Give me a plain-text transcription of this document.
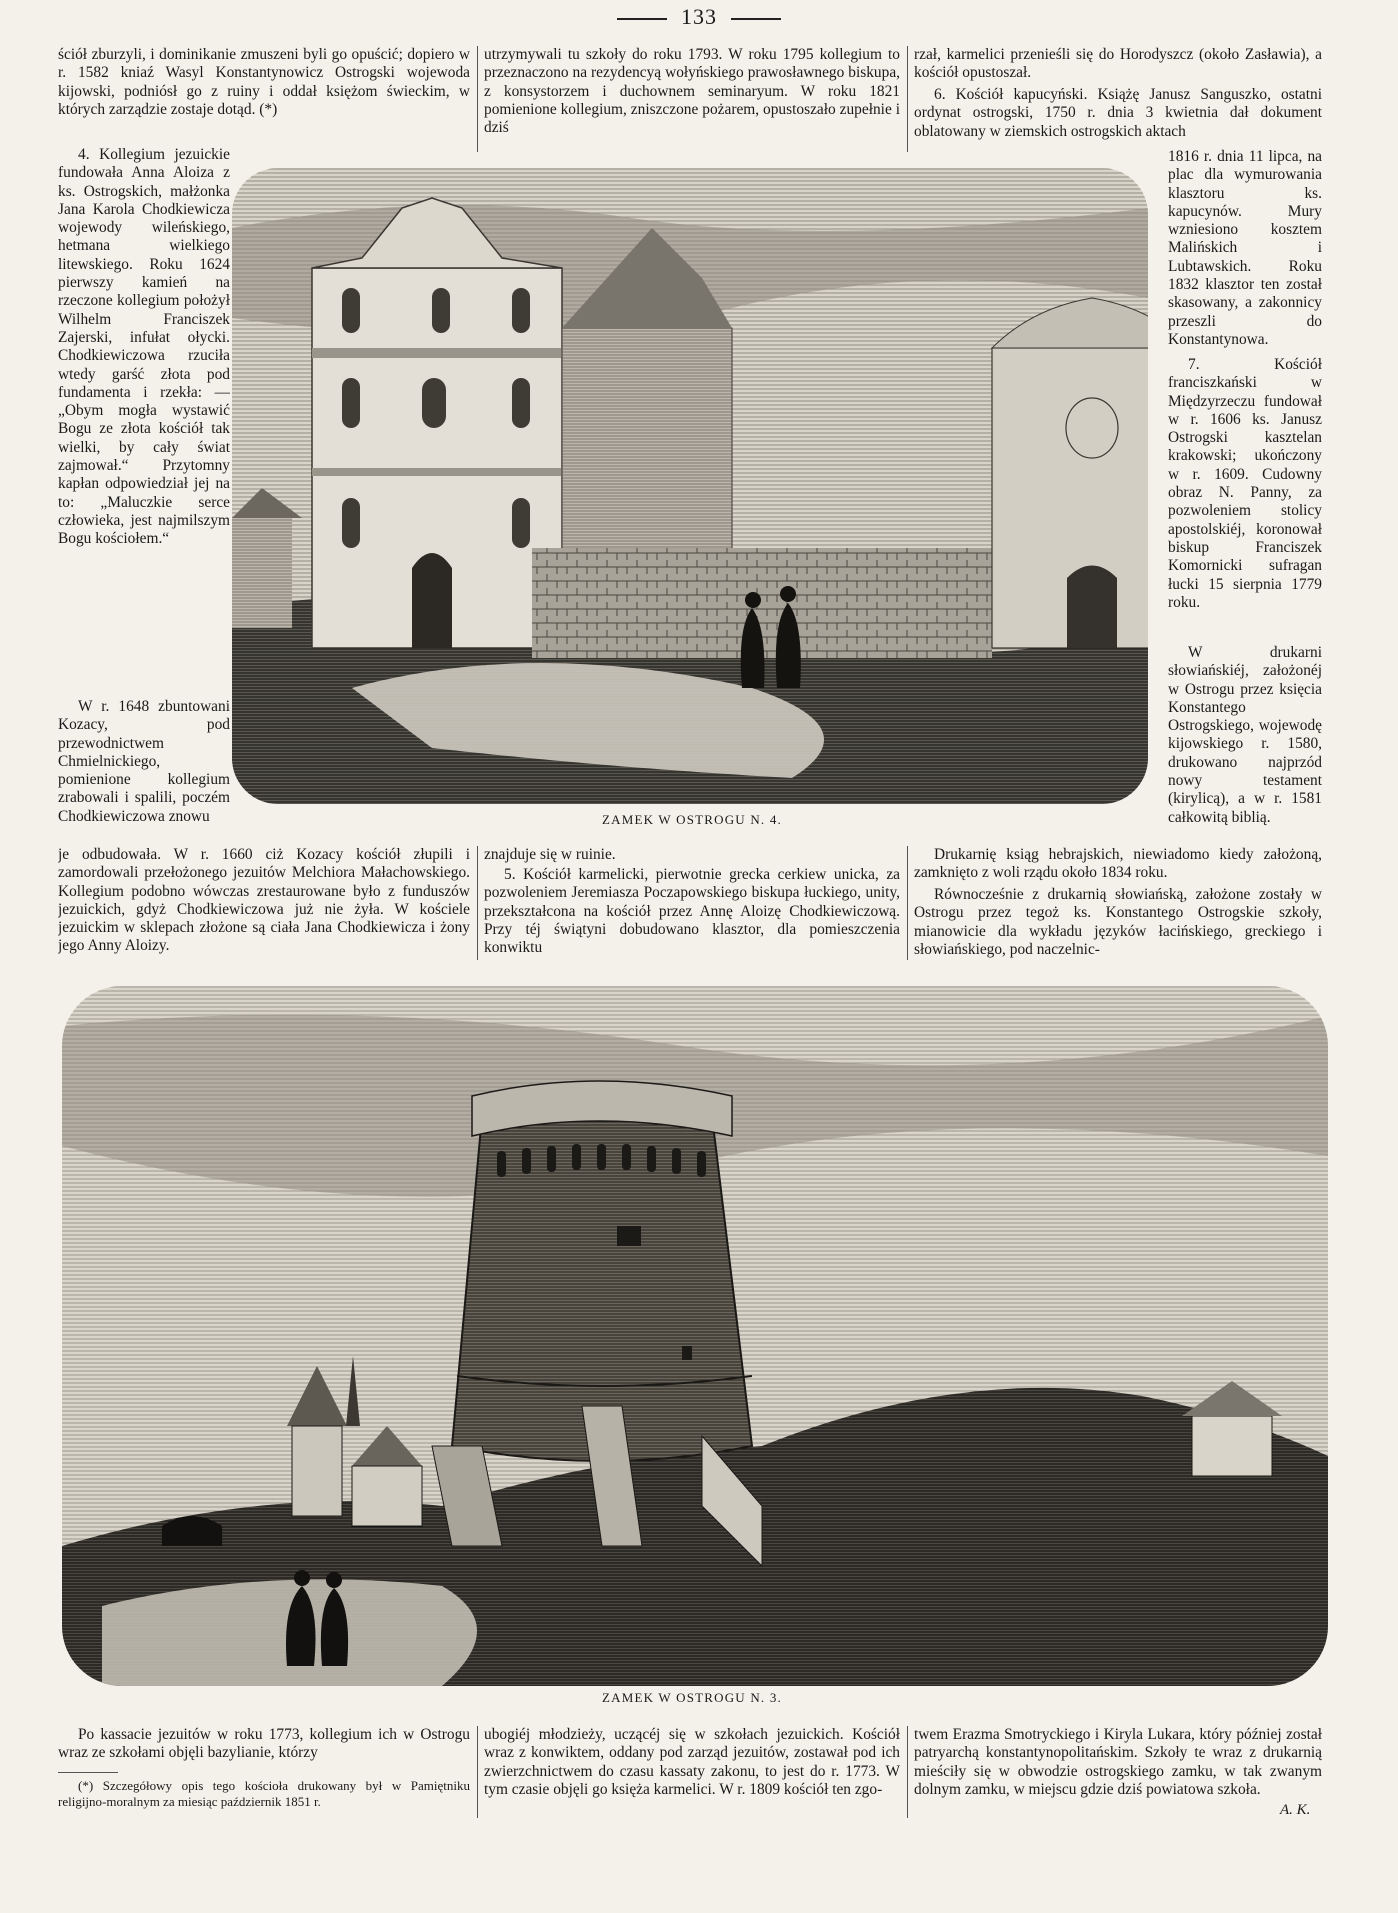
133

ściół zburzyli, i dominikanie zmuszeni byli go opuścić; dopiero w r. 1582 kniaź Wasyl Konstantynowicz Ostrogski wojewoda kijowski, podniósł go z ruiny i oddał księżom świeckim, w których zarządzie zostaje dotąd. (*)

4. Kollegium jezuickie fundowała Anna Aloiza z ks. Ostrogskich, małżonka Jana Karola Chodkiewicza wojewody wileńskiego, hetmana wielkiego litewskiego. Roku 1624 pierwszy kamień na rzeczone kollegium położył Wilhelm Franciszek Zajerski, infułat ołycki. Chodkiewiczowa rzuciła wtedy garść złota pod fundamenta i rzekła: — „Obym mogła wystawić Bogu ze złota kościół tak wielki, by cały świat zajmował.“ Przytomny kapłan odpowiedział jej na to: „Maluczkie serce człowieka, jest najmilszym Bogu kościołem.“

W r. 1648 zbuntowani Kozacy, pod przewodnictwem Chmielnickiego, pomienione kollegium zrabowali i spalili, poczém Chodkiewiczowa znowu

je odbudowała. W r. 1660 ciż Kozacy kościół złupili i zamordowali przełożonego jezuitów Melchiora Małachowskiego. Kollegium podobno wówczas zrestaurowane było z funduszów jezuickich, gdyż Chodkiewiczowa już nie żyła. W kościele jezuickim w sklepach złożone są ciała Jana Chodkiewicza i żony jego Anny Aloizy.

utrzymywali tu szkoły do roku 1793. W roku 1795 kollegium to przeznaczono na rezydencyą wołyńskiego prawosławnego biskupa, z konsystorzem i duchownem seminaryum. W roku 1821 pomienione kollegium, zniszczone pożarem, opustoszało zupełnie i dziś

znajduje się w ruinie.

5. Kościół karmelicki, pierwotnie grecka cerkiew unicka, za pozwoleniem Jeremiasza Poczapowskiego biskupa łuckiego, unity, przekształcona na kościół przez Annę Aloizę Chodkiewiczową. Przy téj świątyni dobudowano klasztor, dla pomieszczenia konwiktu

rzał, karmelici przenieśli się do Horodyszcz (około Zasławia), a kościół opustoszał.

6. Kościół kapucyński. Książę Janusz Sanguszko, ostatni ordynat ostrogski, 1750 r. dnia 3 kwietnia dał dokument oblatowany w ziemskich ostrogskich aktach

1816 r. dnia 11 lipca, na plac dla wymurowania klasztoru ks. kapucynów. Mury wzniesiono kosztem Malińskich i Lubtawskich. Roku 1832 klasztor ten został skasowany, a zakonnicy przeszli do Konstantynowa.

7. Kościół franciszkański w Międzyrzeczu fundował w r. 1606 ks. Janusz Ostrogski kasztelan krakowski; ukończony w r. 1609. Cudowny obraz N. Panny, za pozwoleniem stolicy apostolskiéj, koronował biskup Franciszek Komornicki sufragan łucki 15 sierpnia 1779 roku.

W drukarni słowiańskiéj, założonéj w Ostrogu przez księcia Konstantego Ostrogskiego, wojewodę kijowskiego r. 1580, drukowano najprzód nowy testament (kirylicą), a w r. 1581 całkowitą biblią.

Drukarnię ksiąg hebrajskich, niewiadomo kiedy założoną, zamknięto z woli rządu około 1834 roku.

Równocześnie z drukarnią słowiańską, założone zostały w Ostrogu przez tegoż ks. Konstantego Ostrogskie szkoły, mianowicie dla wykładu języków łacińskiego, greckiego i słowiańskiego, pod naczelnic-

ZAMEK W OSTROGU N. 4.
ZAMEK W OSTROGU N. 3.

Po kassacie jezuitów w roku 1773, kollegium ich w Ostrogu wraz ze szkołami objęli bazylianie, którzy

(*) Szczegółowy opis tego kościoła drukowany był w Pamiętniku religijno-moralnym za miesiąc październik 1851 r.

ubogiéj młodzieży, uczącéj się w szkołach jezuickich. Kościół wraz z konwiktem, oddany pod zarząd jezuitów, zostawał pod ich zwierzchnictwem do czasu kassaty zakonu, to jest do r. 1773. W tym czasie objęli go księża karmelici. W r. 1809 kościół ten zgo-

twem Erazma Smotryckiego i Kiryla Lukara, który później został patryarchą konstantynopolitańskim. Szkoły te wraz z drukarnią mieściły się w obwodzie ostrogskiego zamku, w tak zwanym dolnym zamku, w miejscu gdzie dziś powiatowa szkoła.

A. K.
